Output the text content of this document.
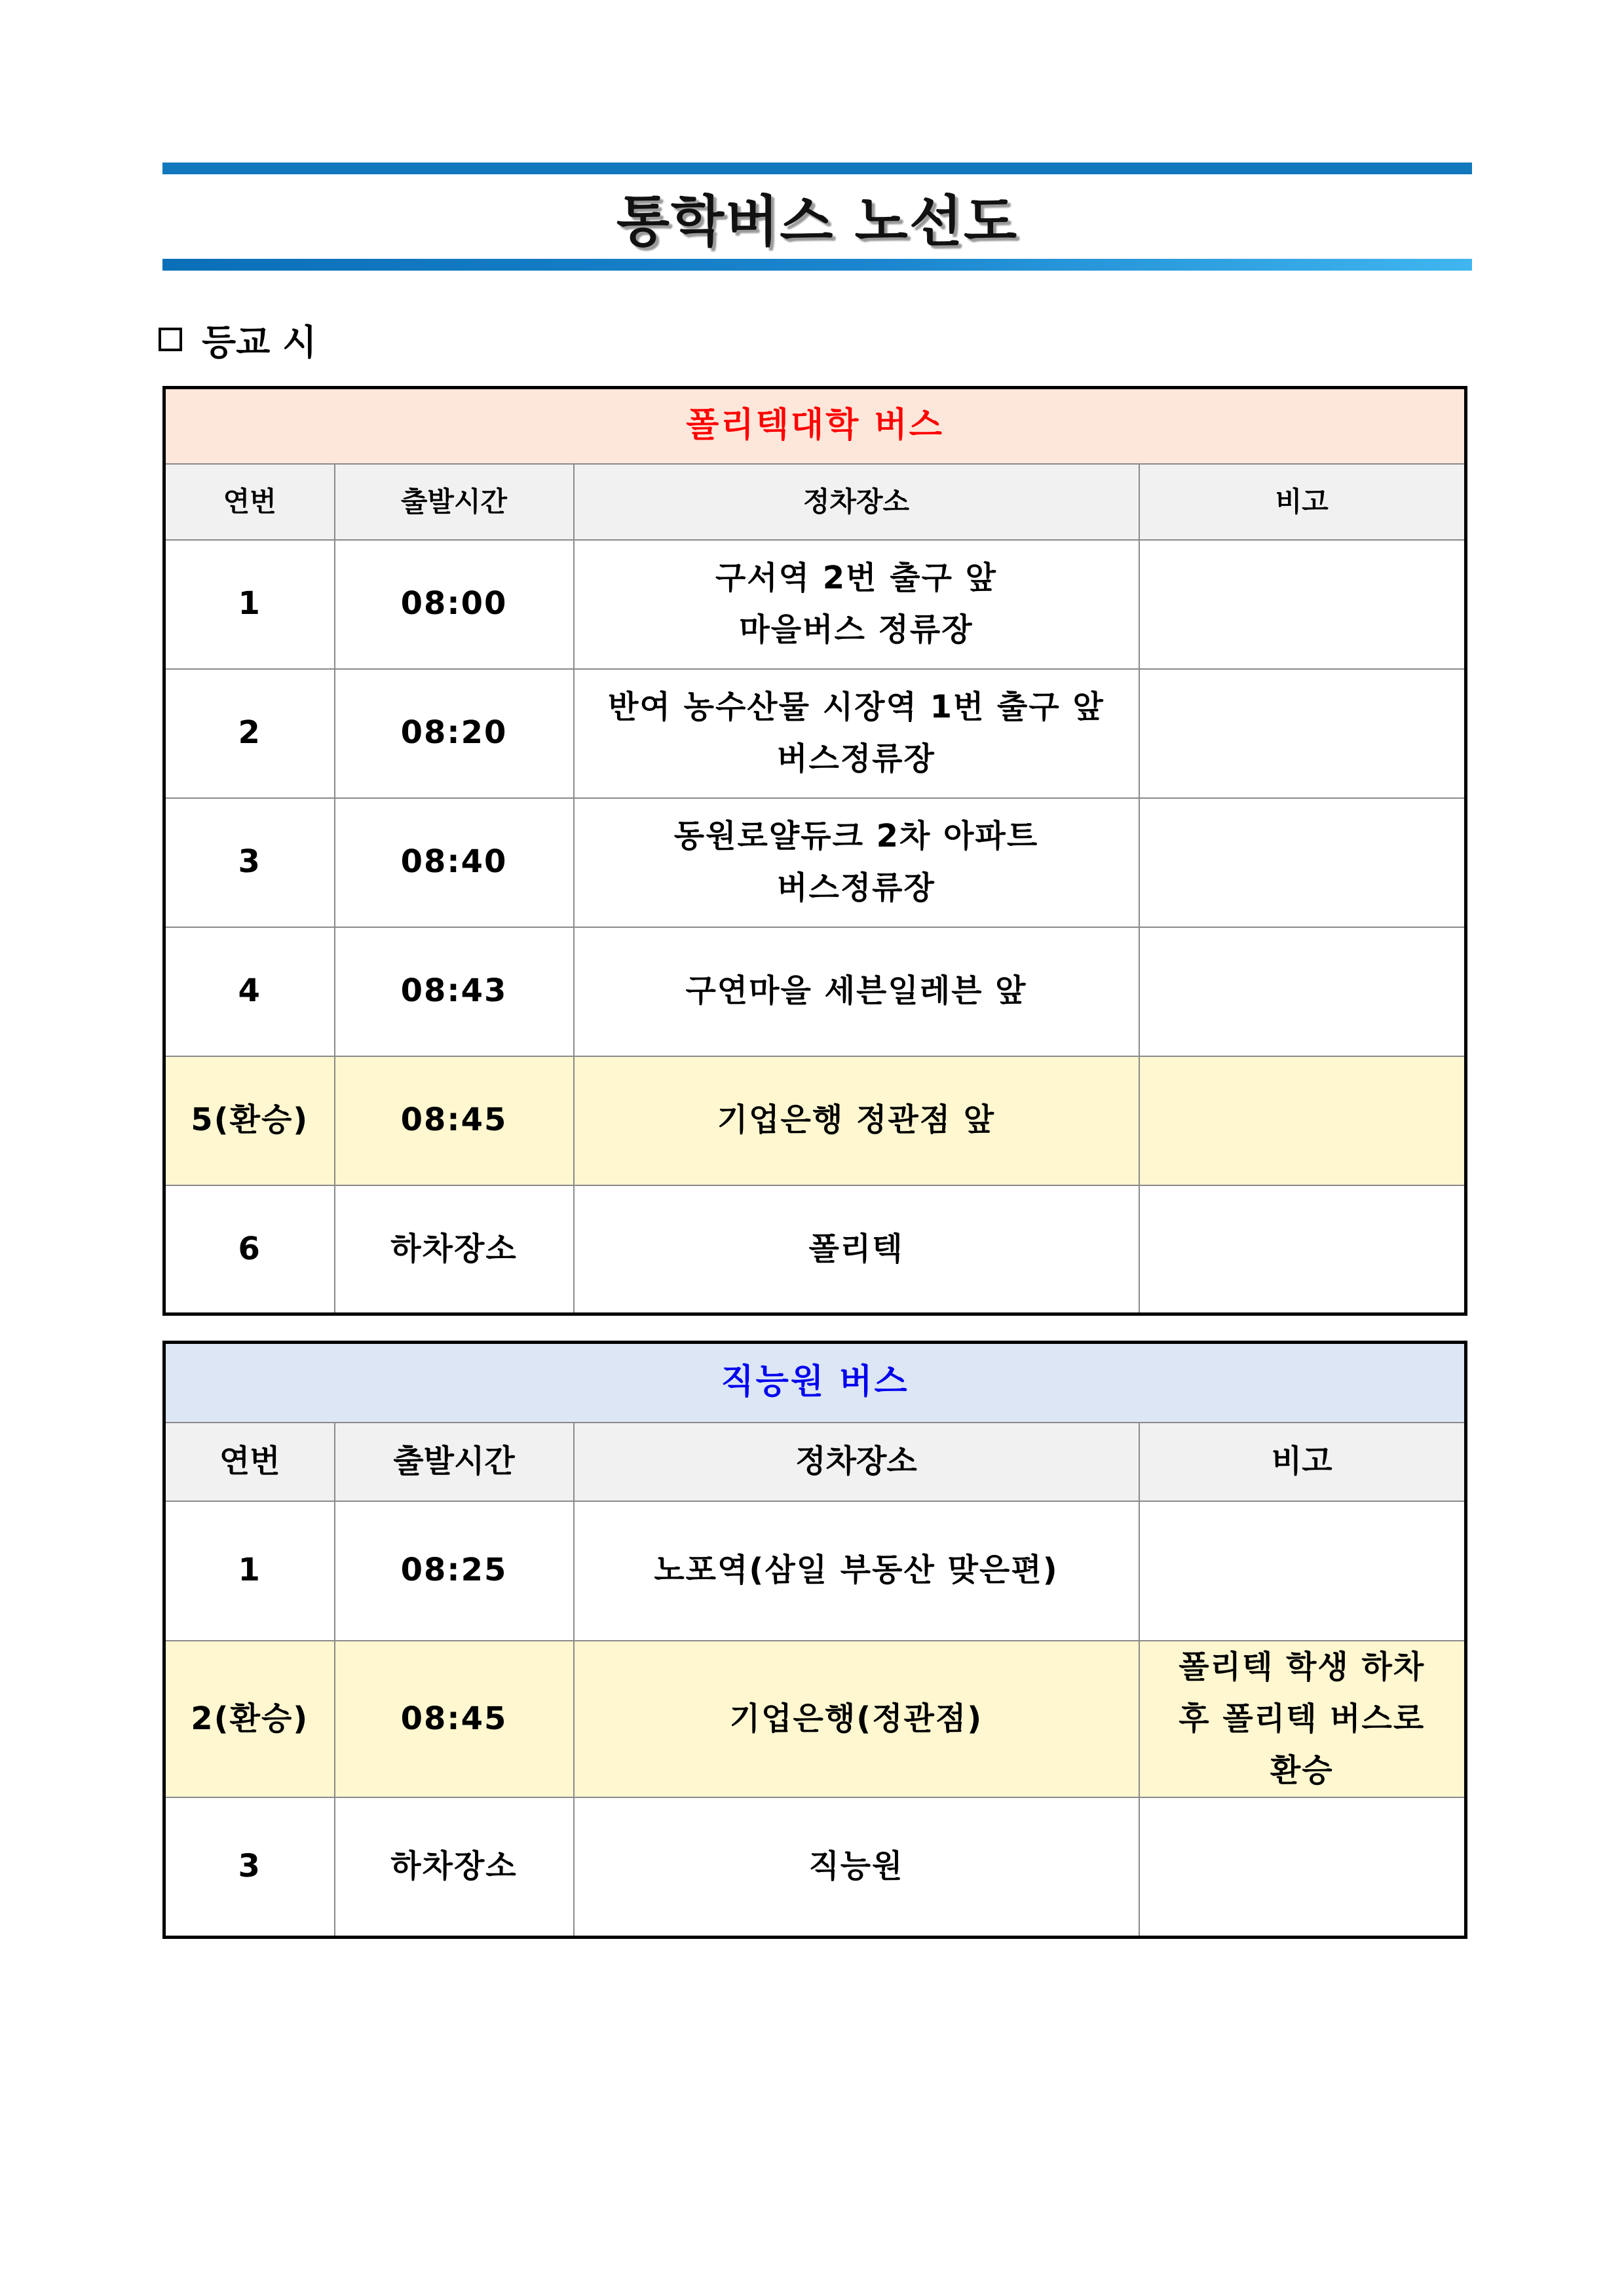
통학버스 노선도
등교 시
폴리텍대학 버스			
연번	출발시간	정차장소	비고
1	08:00	구서역 2번 출구 앞
마을버스 정류장	

2	08:20	반여 농수산물 시장역 1번 출구 앞
버스정류장	

3	08:40	동원로얄듀크 2차 아파트
버스정류장	

4	08:43	구연마을 세븐일레븐 앞	

5(환승)	08:45	기업은행 정관점 앞	

6	하차장소	폴리텍	

직능원 버스			
연번	출발시간	정차장소	비고
1	08:25	노포역(삼일 부동산 맞은편)	

2(환승)	08:45	기업은행(정관점)	폴리텍 학생 하차
후 폴리텍 버스로
환승

3	하차장소	직능원	
